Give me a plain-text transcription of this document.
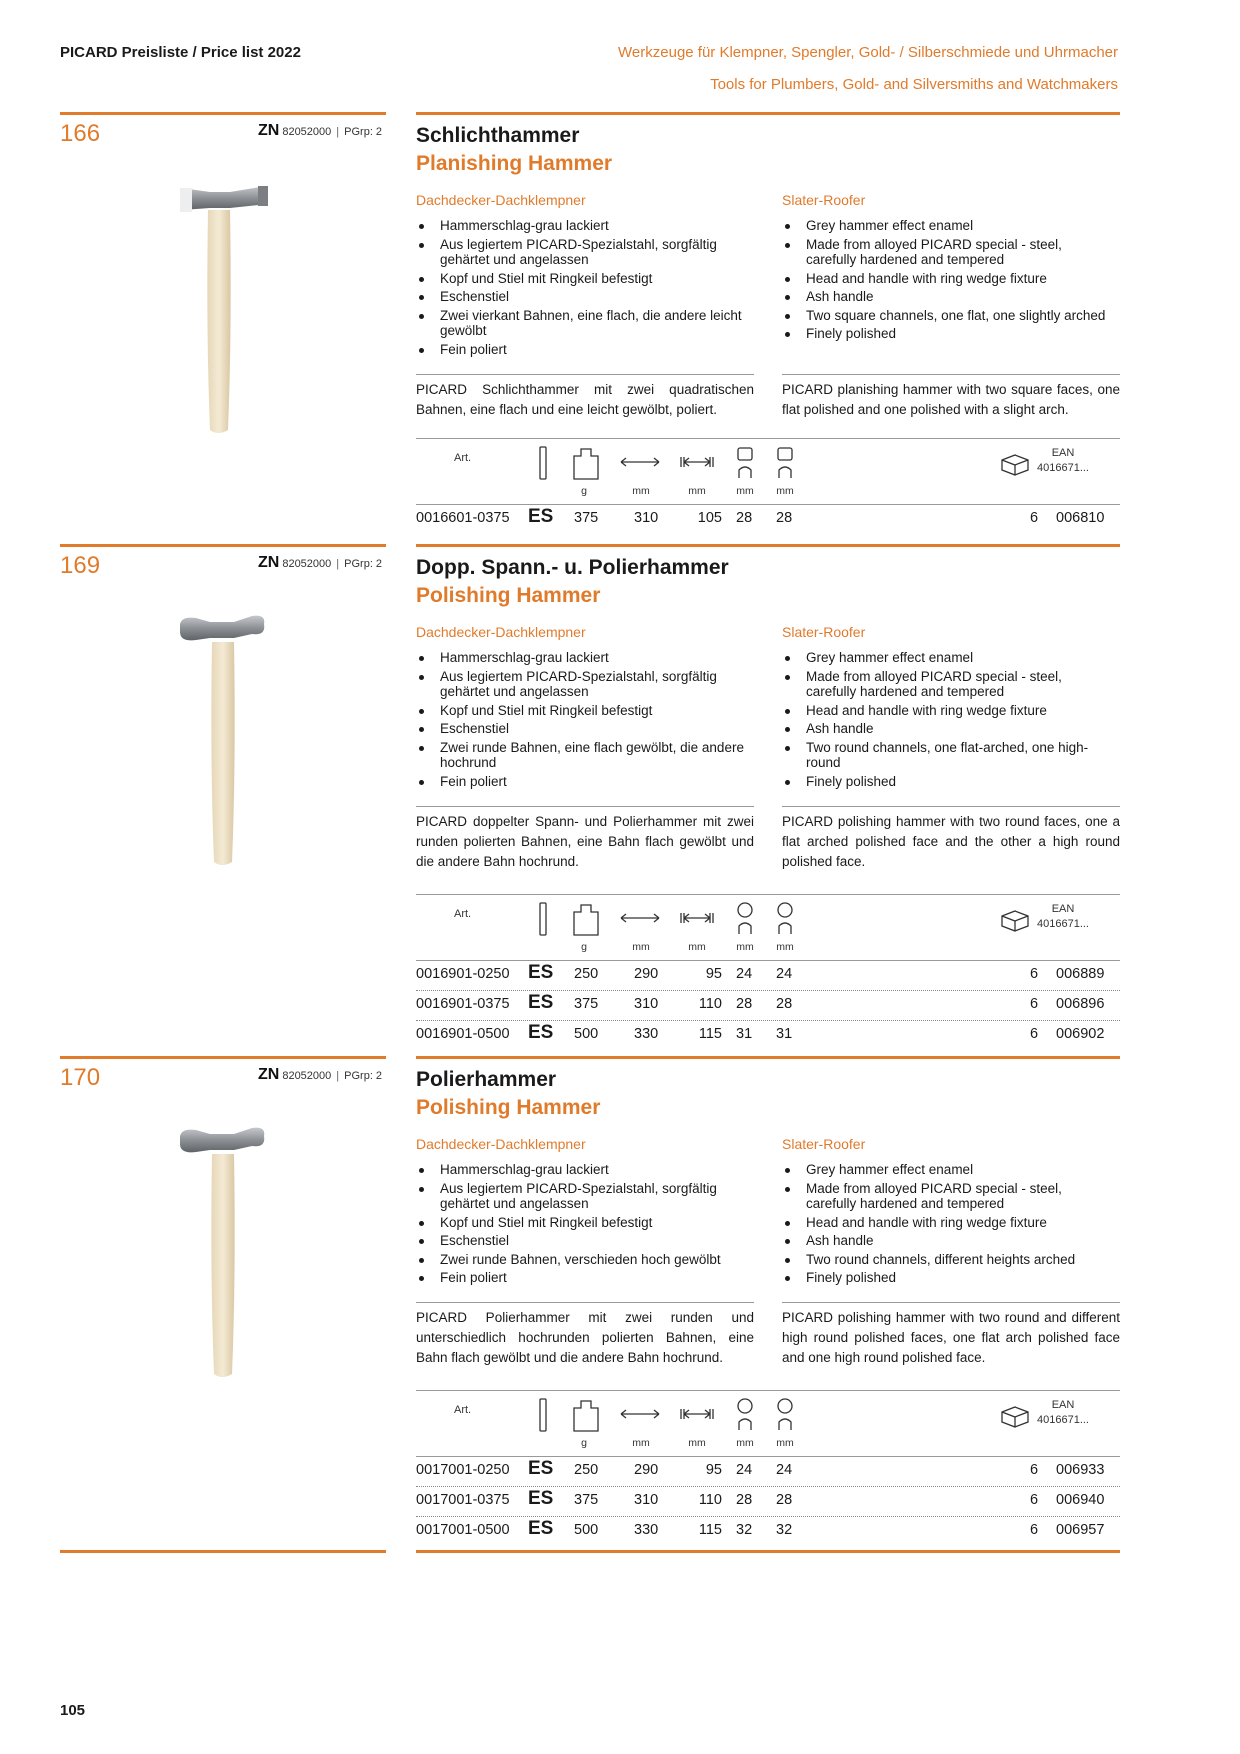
PICARD Preisliste / Price list 2022	Werkzeuge für Klempner, Spengler, Gold- / Silberschmiede und Uhrmacher
Tools for Plumbers, Gold- and Silversmiths and Watchmakers
166	ZN 82052000 | PGrp: 2 Schlichthammer
Planishing Hammer
Dachdecker-Dachklempner	Slater-Roofer
Hammerschlag-grau lackiert
Aus legiertem PICARD-Spezialstahl, sorgfältig gehärtet und angelassen
Kopf und Stiel mit Ringkeil befestigt
Eschenstiel
Zwei vierkant Bahnen, eine flach, die andere leicht gewölbt
Fein poliert
Grey hammer effect enamel
Made from alloyed PICARD special - steel, carefully hardened and tempered
Head and handle with ring wedge fixture
Ash handle
Two square channels, one flat, one slightly arched
Finely polished

PICARD Schlichthammer mit zwei quadratischen Bahnen, eine flach und eine leicht gewölbt, poliert.

PICARD planishing hammer with two square faces, one flat polished and one polished with a slight arch.

Art.	EAN
4016671...
g	mm	mm	mm	mm
0016601-0375 ES 375 310	105 28 28	6 006810
169	ZN 82052000 | PGrp: 2 Dopp. Spann.- u. Polierhammer
Polishing Hammer
Dachdecker-Dachklempner	Slater-Roofer
Hammerschlag-grau lackiert
Aus legiertem PICARD-Spezialstahl, sorgfältig gehärtet und angelassen
Kopf und Stiel mit Ringkeil befestigt
Eschenstiel
Zwei runde Bahnen, eine flach gewölbt, die andere hochrund
Fein poliert
Grey hammer effect enamel
Made from alloyed PICARD special - steel, carefully hardened and tempered
Head and handle with ring wedge fixture
Ash handle
Two round channels, one flat-arched, one high-round
Finely polished

PICARD doppelter Spann- und Polierhammer mit zwei runden polierten Bahnen, eine Bahn flach gewölbt und die andere Bahn hochrund.

PICARD polishing hammer with two round faces, one a flat arched polished face and the other a high round polished face.

Art.	EAN
4016671...
g	mm	mm	mm	mm
0016901-0250 ES 250 290	95 24 24	6 006889
0016901-0375 ES 375 310	110 28 28	6 006896
0016901-0500 ES 500 330	115 31 31	6 006902
170	ZN 82052000 | PGrp: 2 Polierhammer
Polishing Hammer
Dachdecker-Dachklempner	Slater-Roofer
Hammerschlag-grau lackiert
Aus legiertem PICARD-Spezialstahl, sorgfältig gehärtet und angelassen
Kopf und Stiel mit Ringkeil befestigt
Eschenstiel
Zwei runde Bahnen, verschieden hoch gewölbt
Fein poliert
Grey hammer effect enamel
Made from alloyed PICARD special - steel, carefully hardened and tempered
Head and handle with ring wedge fixture
Ash handle
Two round channels, different heights arched
Finely polished

PICARD Polierhammer mit zwei runden und unterschiedlich hochrunden polierten Bahnen, eine Bahn flach gewölbt und die andere Bahn hochrund.

PICARD polishing hammer with two round and different high round polished faces, one flat arch polished face and one high round polished face.

Art.	EAN
4016671...
g	mm	mm	mm	mm
0017001-0250 ES 250 290	95 24 24	6 006933
0017001-0375 ES 375 310	110 28 28	6 006940
0017001-0500 ES 500 330	115 32 32	6 006957
105
